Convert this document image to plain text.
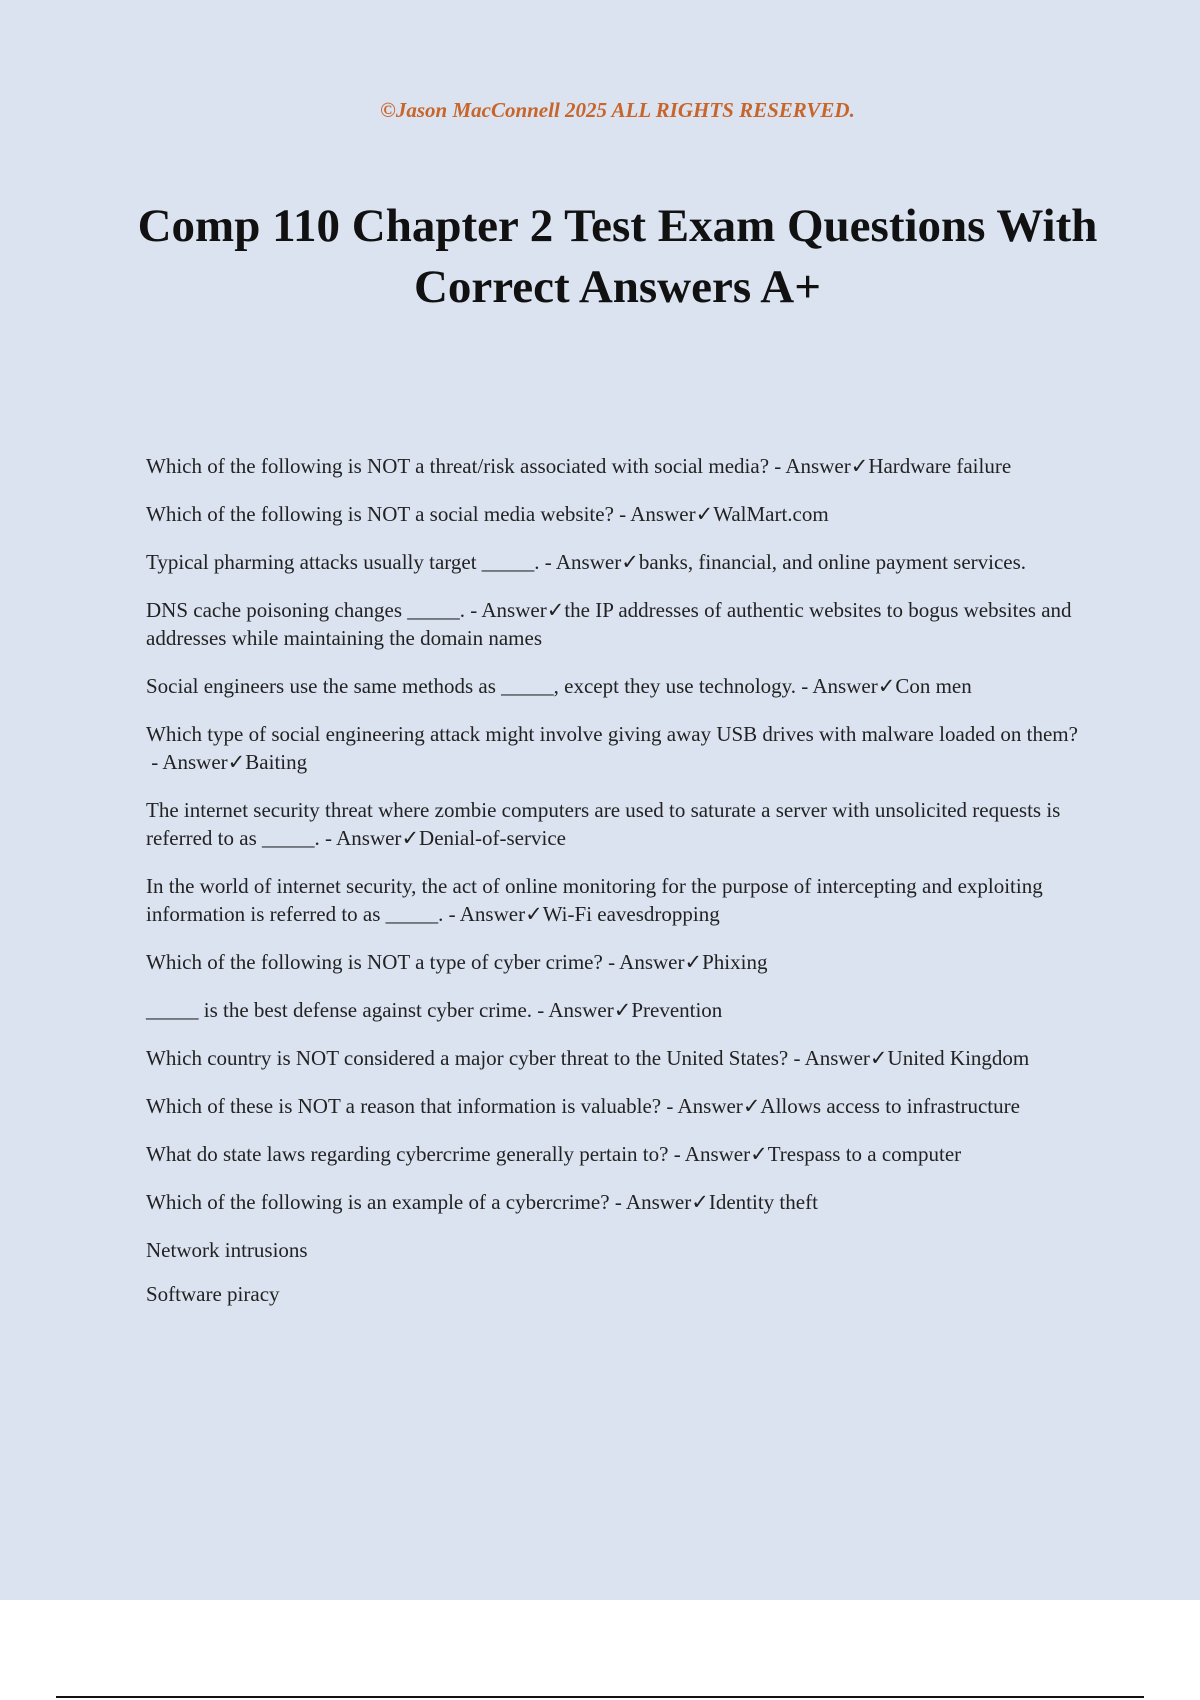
©Jason MacConnell 2025 ALL RIGHTS RESERVED.
Comp 110 Chapter 2 Test Exam Questions With Correct Answers A+
Which of the following is NOT a threat/risk associated with social media? - Answer✓Hardware failure
Which of the following is NOT a social media website? - Answer✓WalMart.com
Typical pharming attacks usually target _____. - Answer✓banks, financial, and online payment services.
DNS cache poisoning changes _____. - Answer✓the IP addresses of authentic websites to bogus websites and addresses while maintaining the domain names
Social engineers use the same methods as _____, except they use technology. - Answer✓Con men
Which type of social engineering attack might involve giving away USB drives with malware loaded on them? - Answer✓Baiting
The internet security threat where zombie computers are used to saturate a server with unsolicited requests is referred to as _____. - Answer✓Denial-of-service
In the world of internet security, the act of online monitoring for the purpose of intercepting and exploiting information is referred to as _____. - Answer✓Wi-Fi eavesdropping
Which of the following is NOT a type of cyber crime? - Answer✓Phixing
_____ is the best defense against cyber crime. - Answer✓Prevention
Which country is NOT considered a major cyber threat to the United States? - Answer✓United Kingdom
Which of these is NOT a reason that information is valuable? - Answer✓Allows access to infrastructure
What do state laws regarding cybercrime generally pertain to? - Answer✓Trespass to a computer
Which of the following is an example of a cybercrime? - Answer✓Identity theft
Network intrusions
Software piracy
